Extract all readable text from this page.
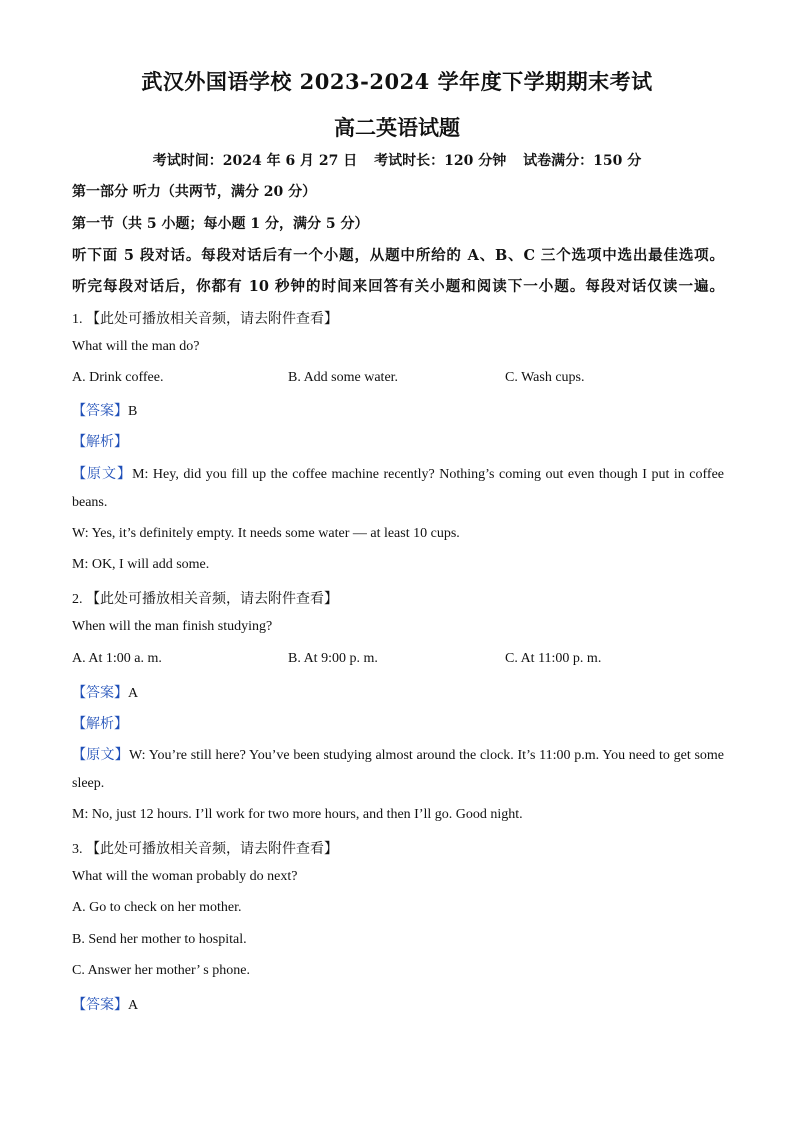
武汉外国语学校 2023-2024 学年度下学期期末考试
高二英语试题
考试时间：2024 年 6 月 27 日 考试时长：120 分钟 试卷满分：150 分
第一部分 听力（共两节，满分 20 分）
第一节（共 5 小题；每小题 1 分，满分 5 分）
听下面 5 段对话。每段对话后有一个小题，从题中所给的 A、B、C 三个选项中选出最佳选项。
听完每段对话后，你都有 10 秒钟的时间来回答有关小题和阅读下一小题。每段对话仅读一遍。
1. 【此处可播放相关音频，请去附件查看】
What will the man do?
A. Drink coffee.	B. Add some water.	C. Wash cups.
【答案】B
【解析】
【原文】M: Hey, did you fill up the coffee machine recently? Nothing’s coming out even though I put in coffee
beans.
W: Yes, it’s definitely empty. It needs some water — at least 10 cups.
M: OK, I will add some.
2. 【此处可播放相关音频，请去附件查看】
When will the man finish studying?
A. At 1:00 a. m.	B. At 9:00 p. m.	C. At 11:00 p. m.
【答案】A
【解析】
【原文】W: You’re still here? You’ve been studying almost around the clock. It’s 11:00 p.m. You need to get some
sleep.
M: No, just 12 hours. I’ll work for two more hours, and then I’ll go. Good night.
3. 【此处可播放相关音频，请去附件查看】
What will the woman probably do next?
A. Go to check on her mother.
B. Send her mother to hospital.
C. Answer her mother’ s phone.
【答案】A
